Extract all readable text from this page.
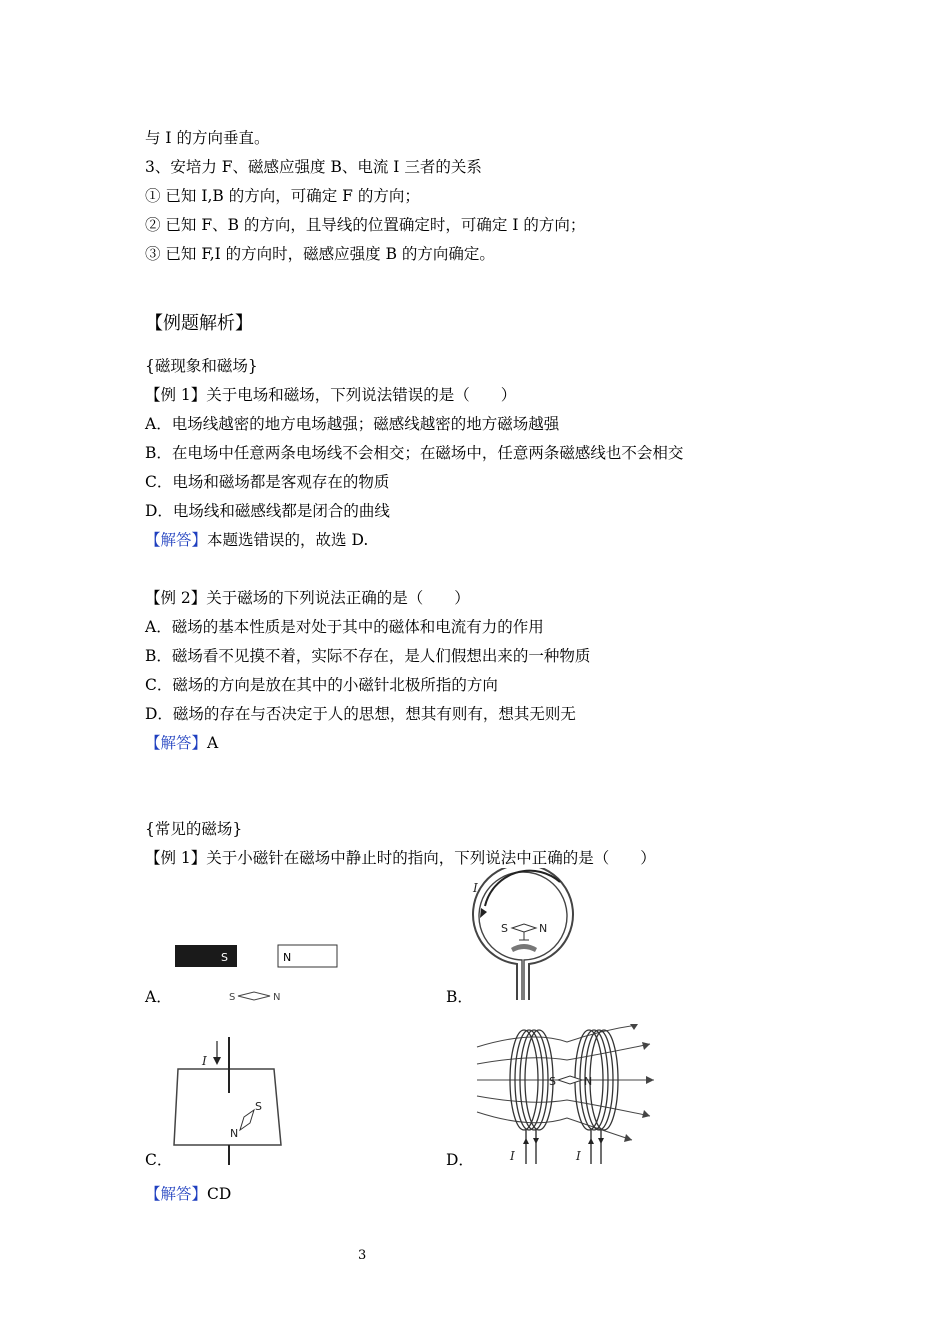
与 I 的方向垂直。
3、安培力 F、磁感应强度 B、电流 I 三者的关系
① 已知 I,B 的方向，可确定 F 的方向；
② 已知 F、B 的方向，且导线的位置确定时，可确定 I 的方向；
③ 已知 F,I 的方向时，磁感应强度 B 的方向确定。
【例题解析】
{磁现象和磁场}
【例 1】关于电场和磁场，下列说法错误的是（　　）
A．电场线越密的地方电场越强；磁感线越密的地方磁场越强
B．在电场中任意两条电场线不会相交；在磁场中，任意两条磁感线也不会相交
C．电场和磁场都是客观存在的物质
D．电场线和磁感线都是闭合的曲线
【解答】本题选错误的，故选 D.
【例 2】关于磁场的下列说法正确的是（　　）
A．磁场的基本性质是对处于其中的磁体和电流有力的作用
B．磁场看不见摸不着，实际不存在，是人们假想出来的一种物质
C．磁场的方向是放在其中的小磁针北极所指的方向
D．磁场的存在与否决定于人的思想，想其有则有，想其无则无
【解答】A
{常见的磁场}
【例 1】关于小磁针在磁场中静止时的指向，下列说法中正确的是（　　）
S	N
S	N
A．
I
S	N
B．
I
S
N
C．	I	I
S	N
D．
【解答】CD
3
